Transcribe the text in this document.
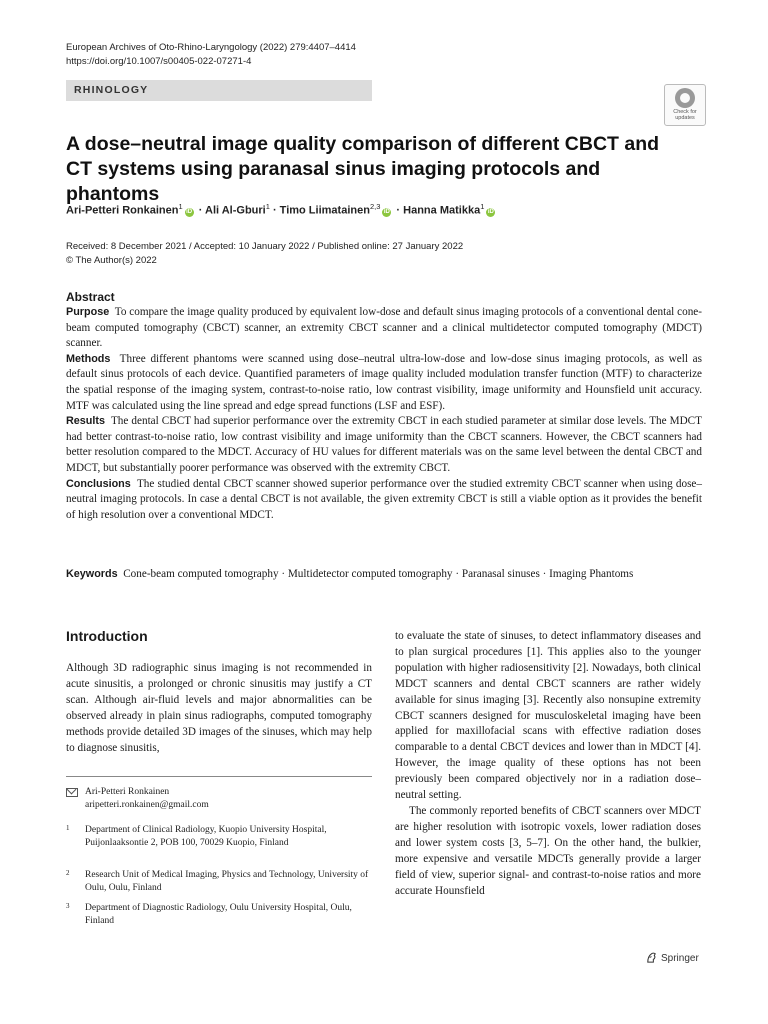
European Archives of Oto-Rhino-Laryngology (2022) 279:4407–4414
https://doi.org/10.1007/s00405-022-07271-4
RHINOLOGY
Check for
updates
A dose–neutral image quality comparison of different CBCT and CT systems using paranasal sinus imaging protocols and phantoms
Ari-Petteri Ronkainen$^1$iD · Ali Al-Gburi$^1$ · Timo Liimatainen$^{2,3}$iD · Hanna Matikka$^1$iD
Received: 8 December 2021 / Accepted: 10 January 2022 / Published online: 27 January 2022
© The Author(s) 2022
Abstract

Purpose To compare the image quality produced by equivalent low-dose and default sinus imaging protocols of a conventional dental cone-beam computed tomography (CBCT) scanner, an extremity CBCT scanner and a clinical multidetector computed tomography (MDCT) scanner.

Methods Three different phantoms were scanned using dose–neutral ultra-low-dose and low-dose sinus imaging protocols, as well as default sinus protocols of each device. Quantified parameters of image quality included modulation transfer function (MTF) to characterize the spatial response of the imaging system, contrast-to-noise ratio, low contrast visibility, image uniformity and Hounsfield unit accuracy. MTF was calculated using the line spread and edge spread functions (LSF and ESF).

Results The dental CBCT had superior performance over the extremity CBCT in each studied parameter at similar dose levels. The MDCT had better contrast-to-noise ratio, low contrast visibility and image uniformity than the CBCT scanners. However, the CBCT scanners had better resolution compared to the MDCT. Accuracy of HU values for different materials was on the same level between the dental CBCT and MDCT, but substantially poorer performance was observed with the extremity CBCT.

Conclusions The studied dental CBCT scanner showed superior performance over the studied extremity CBCT scanner when using dose–neutral imaging protocols. In case a dental CBCT is not available, the given extremity CBCT is still a viable option as it provides the benefit of high resolution over a conventional MDCT.

Keywords Cone-beam computed tomography · Multidetector computed tomography · Paranasal sinuses · Imaging Phantoms
Introduction

Although 3D radiographic sinus imaging is not recommended in acute sinusitis, a prolonged or chronic sinusitis may justify a CT scan. Although air-fluid levels and major abnormalities can be observed already in plain sinus radiographs, computed tomography methods provide detailed 3D images of the sinuses, which may help to diagnose sinusitis,

to evaluate the state of sinuses, to detect inflammatory diseases and to plan surgical procedures [1]. This applies also to the younger population with higher radiosensitivity [2]. Nowadays, both clinical MDCT scanners and dental CBCT scanners are rather widely available for sinus imaging [3]. Recently also nonsupine extremity CBCT scanners designed for musculoskeletal imaging have been applied for maxillofacial scans with effective radiation doses comparable to a dental CBCT devices and lower than in MDCT [4]. However, the image quality of these options has not been previously been compared objectively nor in a radiation dose–neutral setting.

The commonly reported benefits of CBCT scanners over MDCT are higher resolution with isotropic voxels, lower radiation doses and lower system costs [3, 5–7]. On the other hand, the bulkier, more expensive and versatile MDCTs generally provide a larger field of view, superior signal- and contrast-to-noise ratios and more accurate Hounsfield

Ari-Petteri Ronkainen
aripetteri.ronkainen@gmail.com
1 Department of Clinical Radiology, Kuopio University Hospital, Puijonlaaksontie 2, POB 100, 70029 Kuopio, Finland
2 Research Unit of Medical Imaging, Physics and Technology, University of Oulu, Oulu, Finland
3 Department of Diagnostic Radiology, Oulu University Hospital, Oulu, Finland
Springer
